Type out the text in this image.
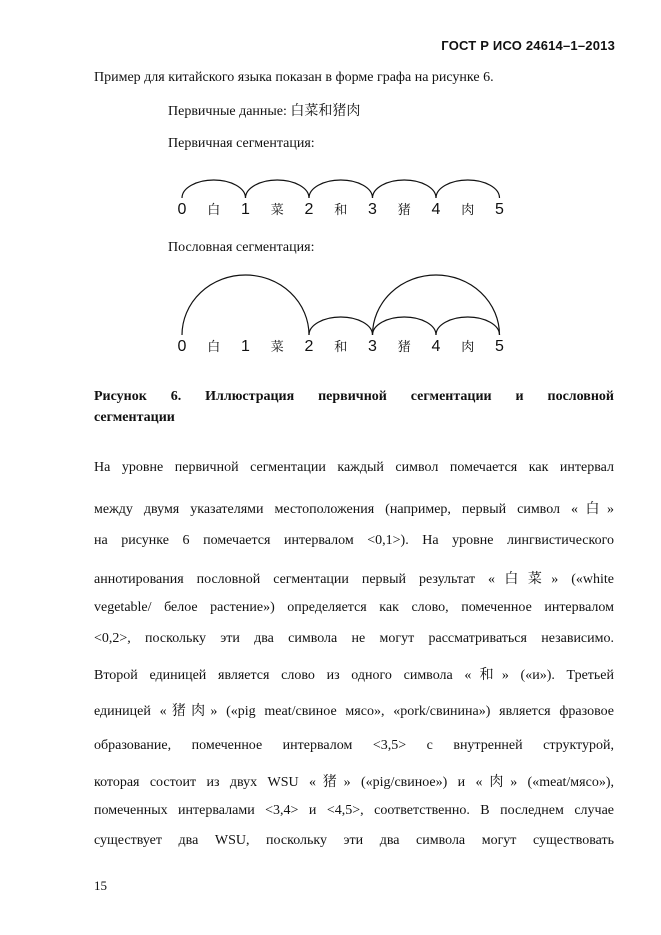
ГОСТ Р ИСО 24614–1–2013
Пример для китайского языка показан в форме графа на рисунке 6.
Первичные данные: 白菜和猪肉
Первичная сегментация:
0	1	2	3	4	5
白	菜	和	猪	肉
Пословная сегментация:
0	1	2	3	4	5
白	菜	和	猪	肉
Рисунок 6. Иллюстрация первичной сегментации и пословной
сегментации
На уровне первичной сегментации каждый символ помечается как интервал
между двумя указателями местоположения (например, первый символ «白»
на рисунке 6 помечается интервалом <0,1>). На уровне лингвистического
аннотирования пословной сегментации первый результат «白菜» («white
vegetable/ белое растение») определяется как слово, помеченное интервалом
<0,2>, поскольку эти два символа не могут рассматриваться независимо.
Второй единицей является слово из одного символа «和» («и»). Третьей
единицей «猪肉» («pig meat/свиное мясо», «pork/свинина») является фразовое
образование, помеченное интервалом <3,5> с внутренней структурой,
которая состоит из двух WSU «猪» («pig/свиное») и «肉» («meat/мясо»),
помеченных интервалами <3,4> и <4,5>, соответственно. В последнем случае
существует два WSU, поскольку эти два символа могут существовать
15
